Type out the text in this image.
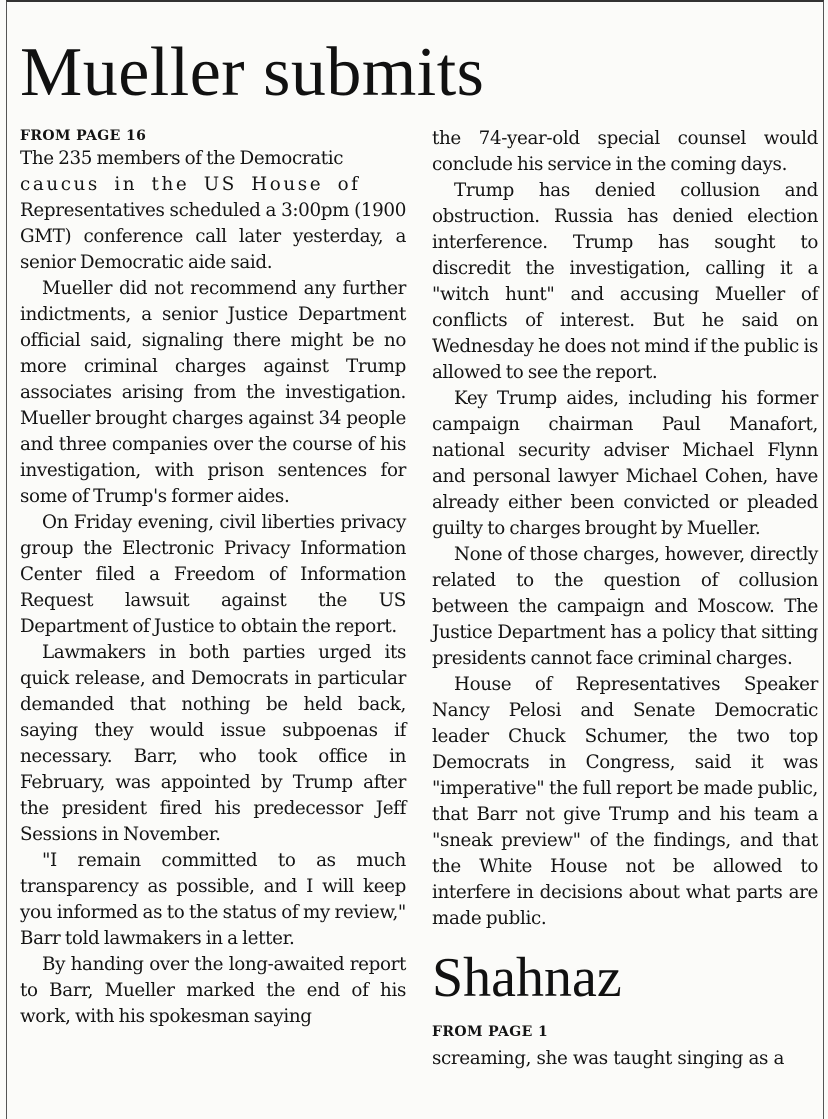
Mueller submits

FROM PAGE 16

The 235 members of the Democratic

caucus in the US House of

Representatives scheduled a 3:00pm (1900 GMT) conference call later yesterday, a senior Democratic aide said.

Mueller did not recommend any further indictments, a senior Justice Department official said, signaling there might be no more criminal charges against Trump associates arising from the investigation. Mueller brought charges against 34 people and three companies over the course of his investigation, with prison sentences for some of Trump's former aides.

On Friday evening, civil liberties privacy group the Electronic Privacy Information Center filed a Freedom of Information Request lawsuit against the US Department of Justice to obtain the report.

Lawmakers in both parties urged its quick release, and Democrats in particular demanded that nothing be held back, saying they would issue subpoenas if necessary. Barr, who took office in February, was appointed by Trump after the president fired his predecessor Jeff Sessions in November.

"I remain committed to as much transparency as possible, and I will keep you informed as to the status of my review," Barr told lawmakers in a letter.

By handing over the long-awaited report to Barr, Mueller marked the end of his work, with his spokesman saying

the 74-year-old special counsel would conclude his service in the coming days.

Trump has denied collusion and obstruction. Russia has denied election interference. Trump has sought to discredit the investigation, calling it a "witch hunt" and accusing Mueller of conflicts of interest. But he said on Wednesday he does not mind if the public is allowed to see the report.

Key Trump aides, including his former campaign chairman Paul Manafort, national security adviser Michael Flynn and personal lawyer Michael Cohen, have already either been convicted or pleaded guilty to charges brought by Mueller.

None of those charges, however, directly related to the question of collusion between the campaign and Moscow. The Justice Department has a policy that sitting presidents cannot face criminal charges.

House of Representatives Speaker Nancy Pelosi and Senate Democratic leader Chuck Schumer, the two top Democrats in Congress, said it was "imperative" the full report be made public, that Barr not give Trump and his team a "sneak preview" of the findings, and that the White House not be allowed to interfere in decisions about what parts are made public.

Shahnaz

FROM PAGE 1

screaming, she was taught singing as a
